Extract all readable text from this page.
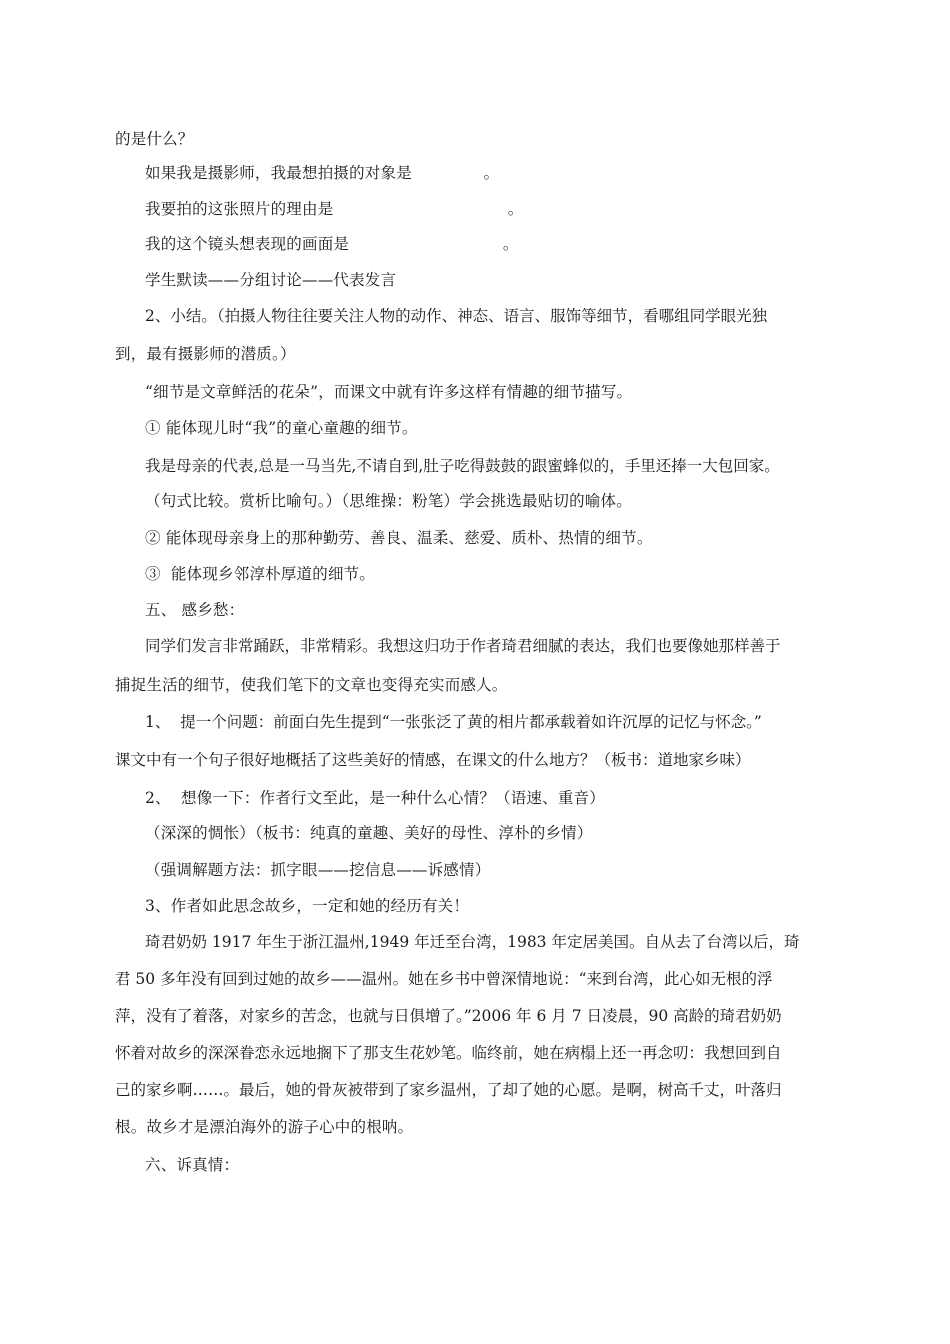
的是什么？
如果我是摄影师，我最想拍摄的对象是              。
我要拍的这张照片的理由是                                  。
我的这个镜头想表现的画面是                              。
学生默读——分组讨论——代表发言
2、小结。（拍摄人物往往要关注人物的动作、神态、语言、服饰等细节，看哪组同学眼光独
到，最有摄影师的潜质。）
“细节是文章鲜活的花朵”，而课文中就有许多这样有情趣的细节描写。
① 能体现儿时“我”的童心童趣的细节。
我是母亲的代表,总是一马当先,不请自到,肚子吃得鼓鼓的跟蜜蜂似的，手里还捧一大包回家。
（句式比较。赏析比喻句。）（思维操：粉笔）学会挑选最贴切的喻体。
② 能体现母亲身上的那种勤劳、善良、温柔、慈爱、质朴、热情的细节。
③  能体现乡邻淳朴厚道的细节。
五、 感乡愁：
同学们发言非常踊跃，非常精彩。我想这归功于作者琦君细腻的表达，我们也要像她那样善于
捕捉生活的细节，使我们笔下的文章也变得充实而感人。
1、  提一个问题：前面白先生提到“一张张泛了黄的相片都承载着如许沉厚的记忆与怀念。”
课文中有一个句子很好地概括了这些美好的情感，在课文的什么地方？（板书：道地家乡味）
2、  想像一下：作者行文至此，是一种什么心情？（语速、重音）
（深深的惆怅）（板书：纯真的童趣、美好的母性、淳朴的乡情）
（强调解题方法：抓字眼——挖信息——诉感情）
3、作者如此思念故乡，一定和她的经历有关！
琦君奶奶 1917 年生于浙江温州,1949 年迁至台湾，1983 年定居美国。自从去了台湾以后，琦
君 50 多年没有回到过她的故乡——温州。她在乡书中曾深情地说：“来到台湾，此心如无根的浮
萍，没有了着落，对家乡的苦念，也就与日俱增了。”2006 年 6 月 7 日凌晨，90 高龄的琦君奶奶
怀着对故乡的深深眷恋永远地搁下了那支生花妙笔。临终前，她在病榻上还一再念叨：我想回到自
己的家乡啊……。最后，她的骨灰被带到了家乡温州，了却了她的心愿。是啊，树高千丈，叶落归
根。故乡才是漂泊海外的游子心中的根呐。
六、诉真情：
